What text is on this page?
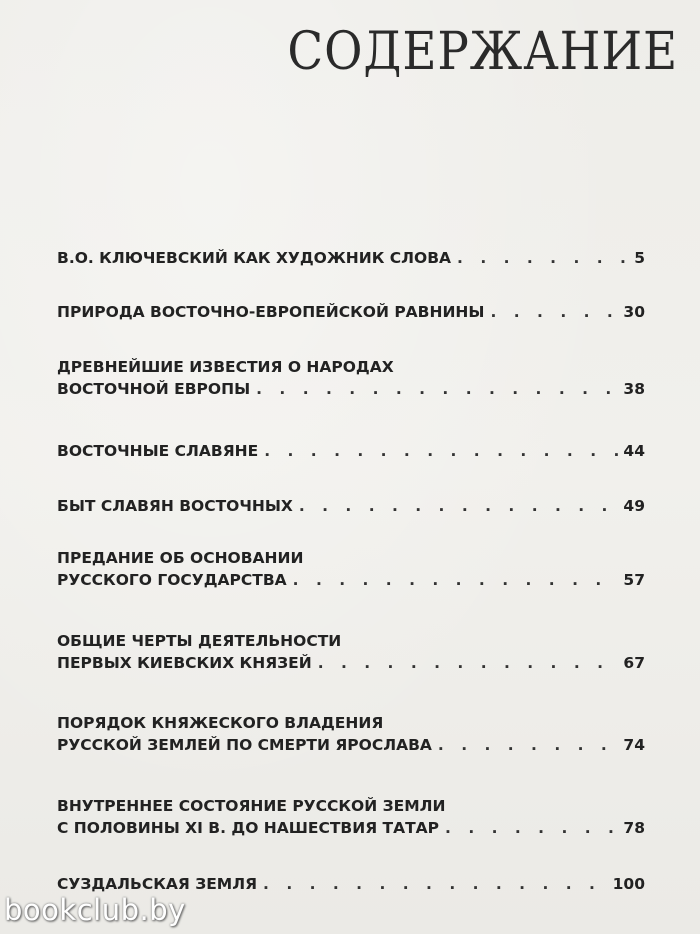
СОДЕРЖАНИЕ
В.О. КЛЮЧЕВСКИЙ КАК ХУДОЖНИК СЛОВА . . .	5
ПРИРОДА ВОСТОЧНО-ЕВРОПЕЙСКОЙ РАВНИНЫ . . .	30
ДРЕВНЕЙШИЕ ИЗВЕСТИЯ О НАРОДАХ
ВОСТОЧНОЙ ЕВРОПЫ . . .	38
ВОСТОЧНЫЕ СЛАВЯНЕ . . .	44
БЫТ СЛАВЯН ВОСТОЧНЫХ . . .	49
ПРЕДАНИЕ ОБ ОСНОВАНИИ
РУССКОГО ГОСУДАРСТВА . . .	57
ОБЩИЕ ЧЕРТЫ ДЕЯТЕЛЬНОСТИ
ПЕРВЫХ КИЕВСКИХ КНЯЗЕЙ . . .	67
ПОРЯДОК КНЯЖЕСКОГО ВЛАДЕНИЯ
РУССКОЙ ЗЕМЛЕЙ ПО СМЕРТИ ЯРОСЛАВА . . .	74
ВНУТРЕННЕЕ СОСТОЯНИЕ РУССКОЙ ЗЕМЛИ
С ПОЛОВИНЫ XI В. ДО НАШЕСТВИЯ ТАТАР . . .	78
СУЗДАЛЬСКАЯ ЗЕМЛЯ . . .	100
bookclub.by
